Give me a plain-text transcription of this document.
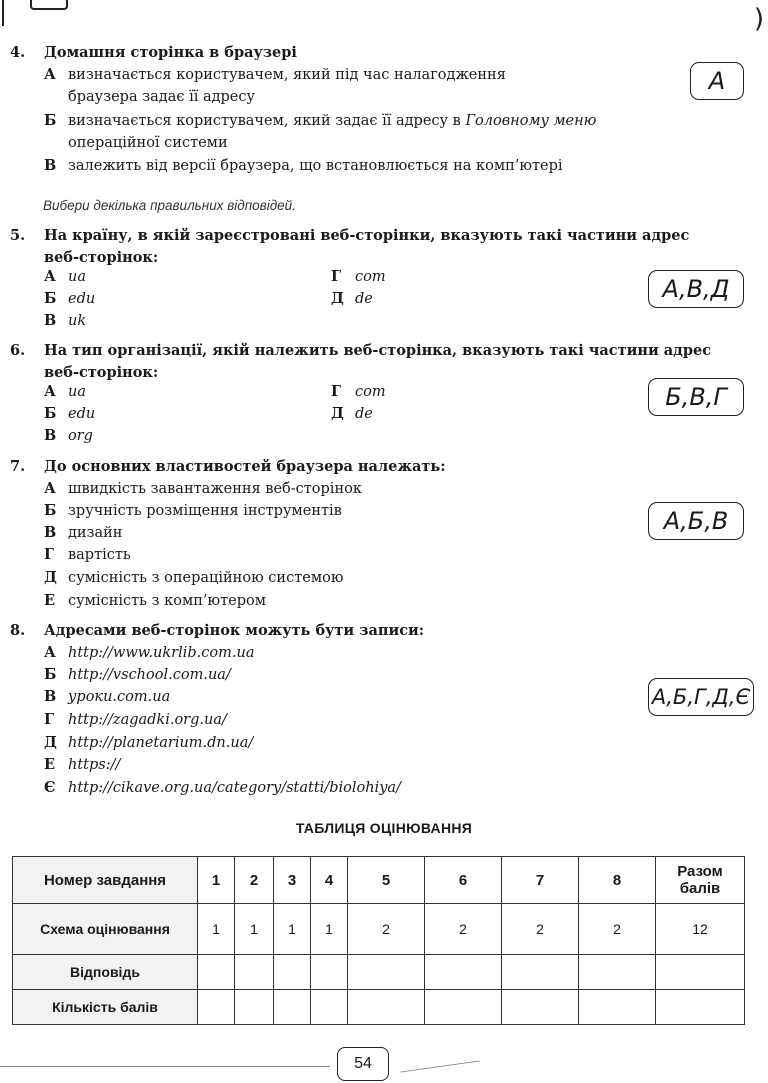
)
4. Домашня сторінка в браузері
А визначається користувачем, який під час налагодження
браузера задає її адресу
Б визначається користувачем, який задає її адресу в Головному меню
операційної системи
В залежить від версії браузера, що встановлюється на комп’ютері
А
Вибери декілька правильних відповідей.
5. На країну, в якій зареєстровані веб-сторінки, вказують такі частини адрес
веб-сторінок:
А ua
Б edu
В uk
Г com
Д de	А,В,Д
6. На тип організації, якій належить веб-сторінка, вказують такі частини адрес
веб-сторінок:
А ua
Б edu
В org
Г com
Д de
Б,В,Г
7. До основних властивостей браузера належать:
А швидкість завантаження веб-сторінок
Б зручність розміщення інструментів
В дизайн
Г вартість
Д сумісність з операційною системою
Е сумісність з комп’ютером
А,Б,В
8. Адресами веб-сторінок можуть бути записи:
А http://www.ukrlib.com.ua
Б http://vschool.com.ua/
В уроки.com.ua
Г http://zagadki.org.ua/
Д http://planetarium.dn.ua/
Е https://
Є http://cikave.org.ua/category/statti/biolohiya/
А,Б,Г,Д,Є
ТАБЛИЦЯ ОЦІНЮВАННЯ
Номер завдання	1	2	3	4	5	6	7	8	Разом балів
Схема оцінювання	1	1	1	1	2	2	2	2	12
Відповідь									
Кількість балів									
54
